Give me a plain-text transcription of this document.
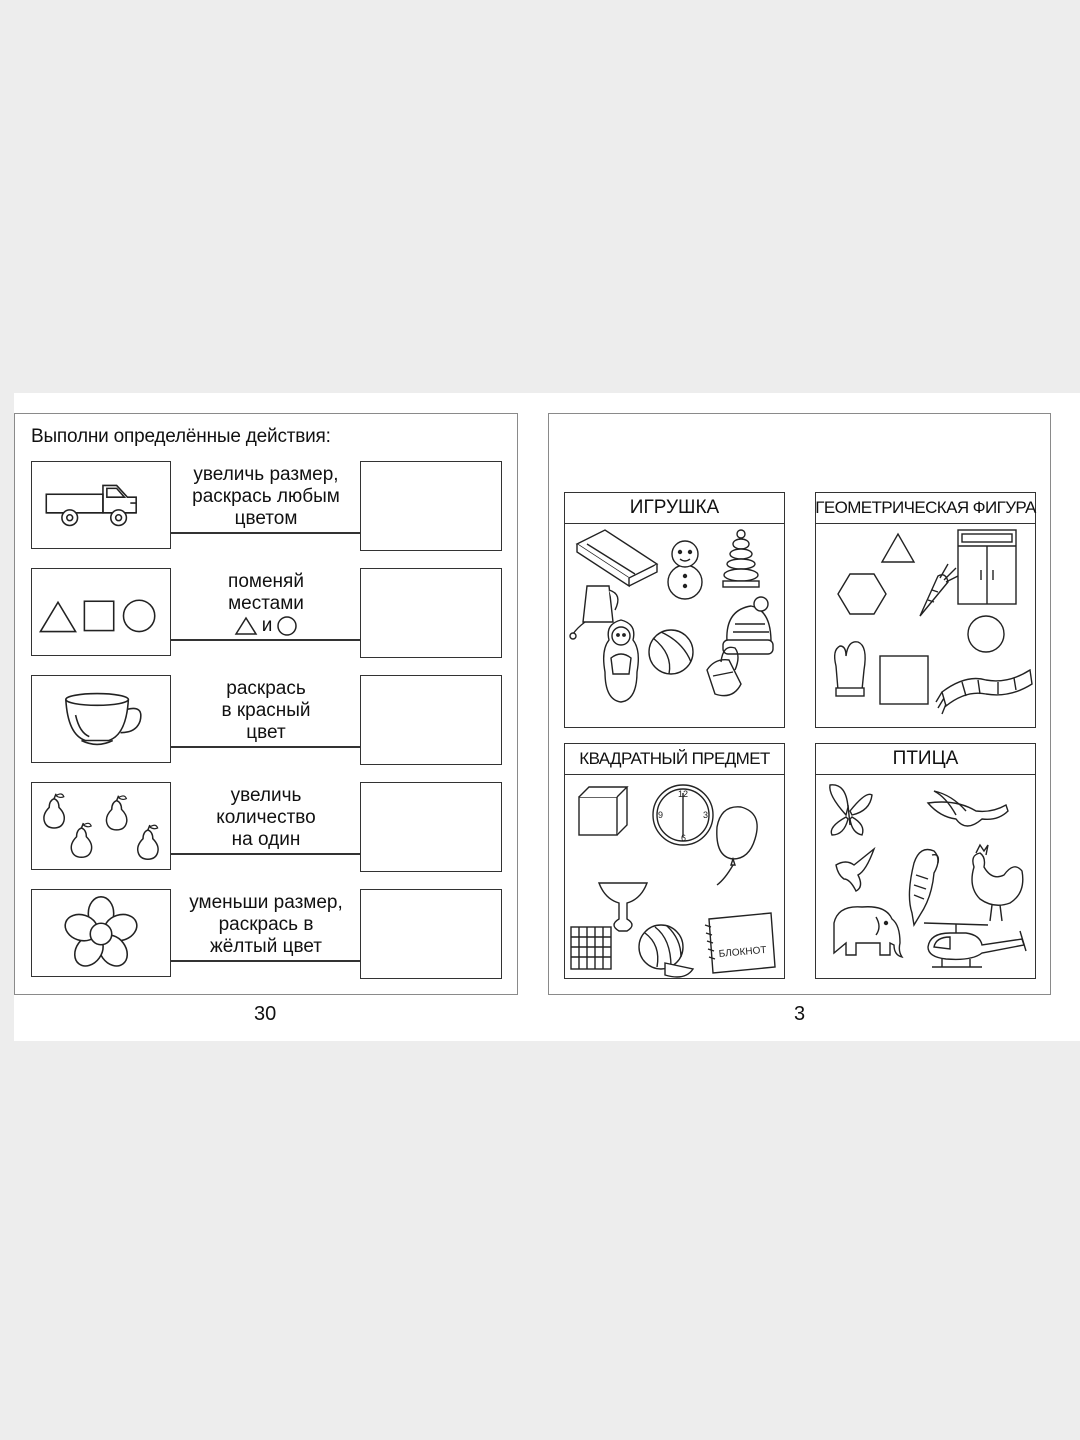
Выполни определённые действия:
увеличь размер,
раскрась любым
цветом
поменяй
местами
и
раскрась
в красный
цвет
увеличь
количество
на один
уменьши размер,
раскрась в
жёлтый цвет
ИГРУШКА	ГЕОМЕТРИЧЕСКАЯ ФИГУРА
КВАДРАТНЫЙ ПРЕДМЕТ
12
3
6
9
БЛОКНОТ
ПТИЦА
30	3
